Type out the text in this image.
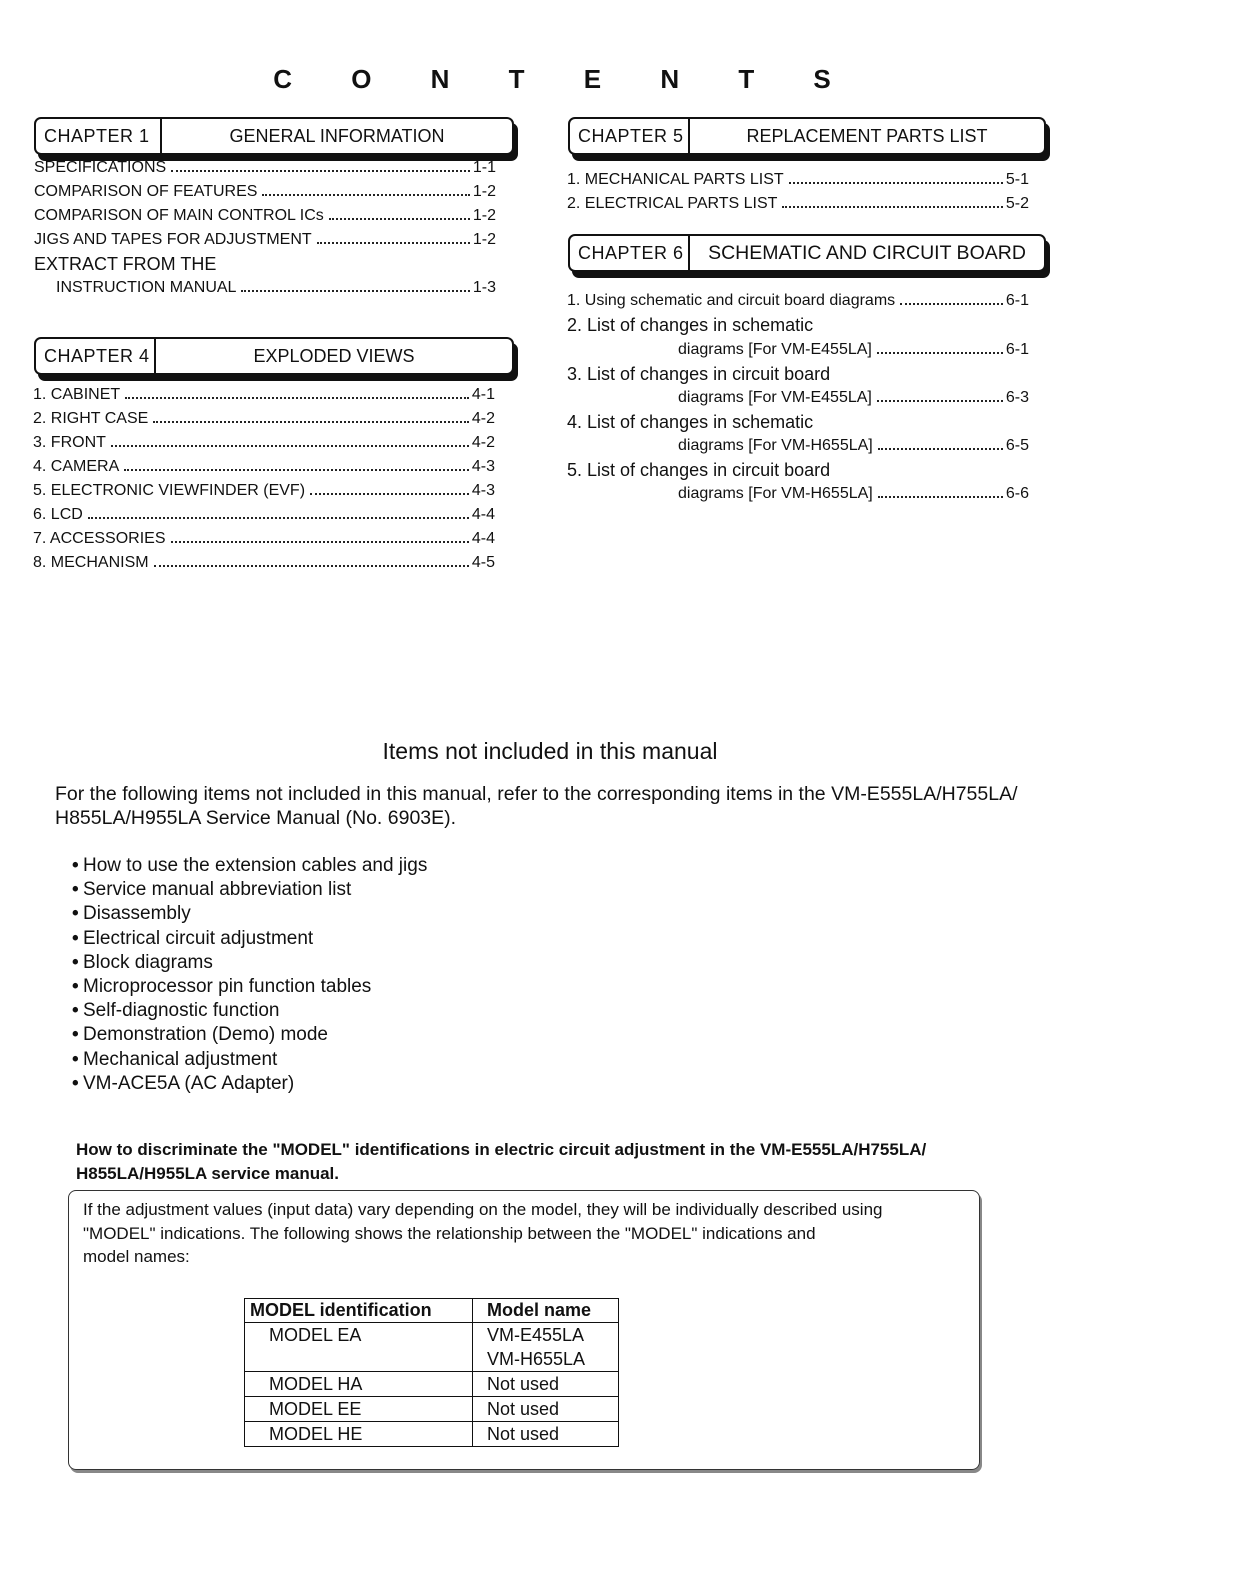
C O N T E N T S
CHAPTER 1	GENERAL INFORMATION
SPECIFICATIONS	1-1
COMPARISON OF FEATURES	1-2
COMPARISON OF MAIN CONTROL ICs	1-2
JIGS AND TAPES FOR ADJUSTMENT	1-2
EXTRACT FROM THE
INSTRUCTION MANUAL	1-3
CHAPTER 4	EXPLODED VIEWS
1. CABINET	4-1
2. RIGHT CASE	4-2
3. FRONT	4-2
4. CAMERA	4-3
5. ELECTRONIC VIEWFINDER (EVF)	4-3
6. LCD	4-4
7. ACCESSORIES	4-4
8. MECHANISM	4-5
CHAPTER 5	REPLACEMENT PARTS LIST
1. MECHANICAL PARTS LIST	5-1
2. ELECTRICAL PARTS LIST	5-2
CHAPTER 6	SCHEMATIC AND CIRCUIT BOARD
1. Using schematic and circuit board diagrams	6-1
2. List of changes in schematic
diagrams [For VM-E455LA]	6-1
3. List of changes in circuit board
diagrams [For VM-E455LA]	6-3
4. List of changes in schematic
diagrams [For VM-H655LA]	6-5
5. List of changes in circuit board
diagrams [For VM-H655LA]	6-6
Items not included in this manual
For the following items not included in this manual, refer to the corresponding items in the VM-E555LA/H755LA/
H855LA/H955LA Service Manual (No. 6903E).
• How to use the extension cables and jigs
• Service manual abbreviation list
• Disassembly
• Electrical circuit adjustment
• Block diagrams
• Microprocessor pin function tables
• Self-diagnostic function
• Demonstration (Demo) mode
• Mechanical adjustment
• VM-ACE5A (AC Adapter)
How to discriminate the "MODEL" identifications in electric circuit adjustment in the VM-E555LA/H755LA/
H855LA/H955LA service manual.
If the adjustment values (input data) vary depending on the model, they will be individually described using
"MODEL" indications. The following shows the relationship between the "MODEL" indications and
model names:
MODEL identification	Model name
MODEL EA	VM-E455LA
VM-H655LA

MODEL HA	Not used
MODEL EE	Not used
MODEL HE	Not used
